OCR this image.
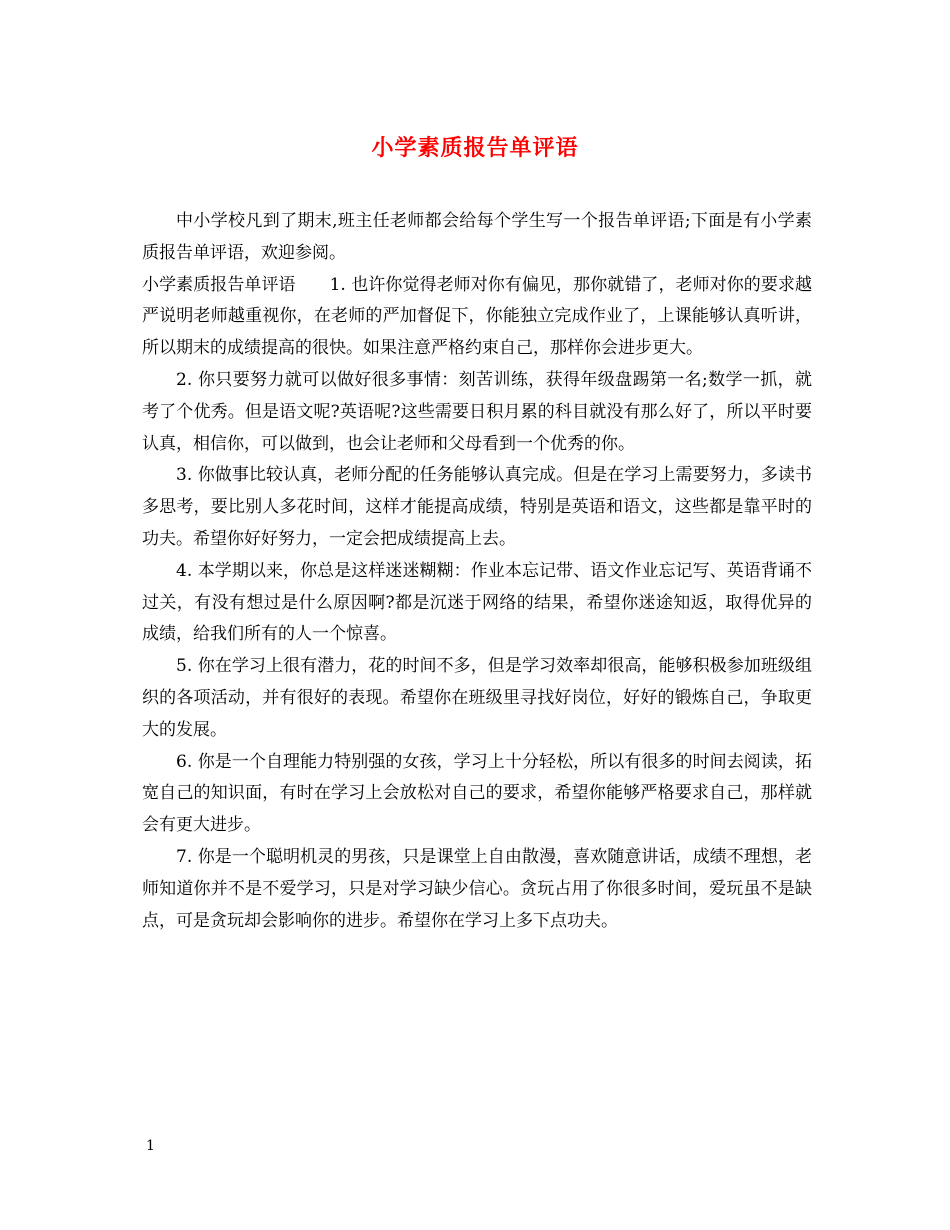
小学素质报告单评语

中小学校凡到了期末,班主任老师都会给每个学生写一个报告单评语;下面是有小学素质报告单评语，欢迎参阅。

小学素质报告单评语 1. 也许你觉得老师对你有偏见，那你就错了，老师对你的要求越严说明老师越重视你，在老师的严加督促下，你能独立完成作业了，上课能够认真听讲，所以期末的成绩提高的很快。如果注意严格约束自己，那样你会进步更大。

2. 你只要努力就可以做好很多事情：刻苦训练，获得年级盘踢第一名;数学一抓，就考了个优秀。但是语文呢?英语呢?这些需要日积月累的科目就没有那么好了，所以平时要认真，相信你，可以做到，也会让老师和父母看到一个优秀的你。

3. 你做事比较认真，老师分配的任务能够认真完成。但是在学习上需要努力，多读书多思考，要比别人多花时间，这样才能提高成绩，特别是英语和语文，这些都是靠平时的功夫。希望你好好努力，一定会把成绩提高上去。

4. 本学期以来，你总是这样迷迷糊糊：作业本忘记带、语文作业忘记写、英语背诵不过关，有没有想过是什么原因啊?都是沉迷于网络的结果，希望你迷途知返，取得优异的成绩，给我们所有的人一个惊喜。

5. 你在学习上很有潜力，花的时间不多，但是学习效率却很高，能够积极参加班级组织的各项活动，并有很好的表现。希望你在班级里寻找好岗位，好好的锻炼自己，争取更大的发展。

6. 你是一个自理能力特别强的女孩，学习上十分轻松，所以有很多的时间去阅读，拓宽自己的知识面，有时在学习上会放松对自己的要求，希望你能够严格要求自己，那样就会有更大进步。

7. 你是一个聪明机灵的男孩，只是课堂上自由散漫，喜欢随意讲话，成绩不理想，老师知道你并不是不爱学习，只是对学习缺少信心。贪玩占用了你很多时间，爱玩虽不是缺点，可是贪玩却会影响你的进步。希望你在学习上多下点功夫。

1
